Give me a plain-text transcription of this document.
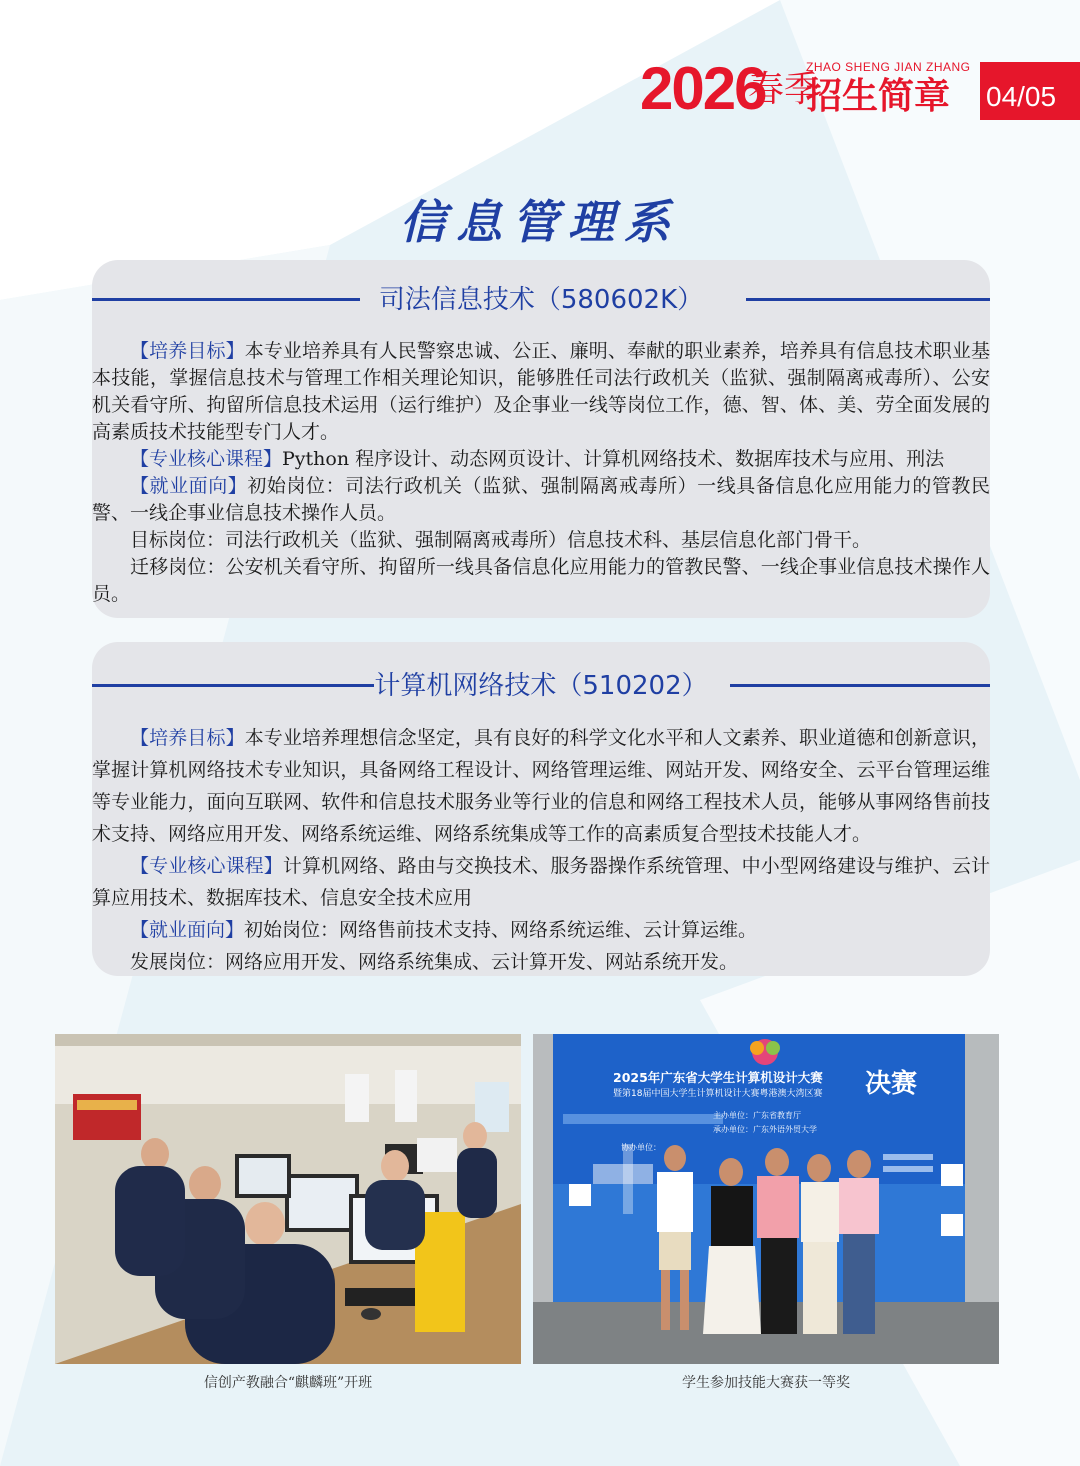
2026
春季
ZHAO SHENG JIAN ZHANG
招生简章 04/05
信息管理系
司法信息技术（580602K）

【培养目标】本专业培养具有人民警察忠诚、公正、廉明、奉献的职业素养，培养具有信息技术职业基本技能，掌握信息技术与管理工作相关理论知识，能够胜任司法行政机关（监狱、强制隔离戒毒所）、公安机关看守所、拘留所信息技术运用（运行维护）及企事业一线等岗位工作，德、智、体、美、劳全面发展的高素质技术技能型专门人才。

【专业核心课程】Python 程序设计、动态网页设计、计算机网络技术、数据库技术与应用、刑法

【就业面向】初始岗位：司法行政机关（监狱、强制隔离戒毒所）一线具备信息化应用能力的管教民警、一线企事业信息技术操作人员。

目标岗位：司法行政机关（监狱、强制隔离戒毒所）信息技术科、基层信息化部门骨干。

迁移岗位：公安机关看守所、拘留所一线具备信息化应用能力的管教民警、一线企事业信息技术操作人员。

计算机网络技术（510202）

【培养目标】本专业培养理想信念坚定，具有良好的科学文化水平和人文素养、职业道德和创新意识，掌握计算机网络技术专业知识，具备网络工程设计、网络管理运维、网站开发、网络安全、云平台管理运维等专业能力，面向互联网、软件和信息技术服务业等行业的信息和网络工程技术人员，能够从事网络售前技术支持、网络应用开发、网络系统运维、网络系统集成等工作的高素质复合型技术技能人才。

【专业核心课程】计算机网络、路由与交换技术、服务器操作系统管理、中小型网络建设与维护、云计算应用技术、数据库技术、信息安全技术应用

【就业面向】初始岗位：网络售前技术支持、网络系统运维、云计算运维。

发展岗位：网络应用开发、网络系统集成、云计算开发、网站系统开发。

2025年广东省大学生计算机设计大赛
暨第18届中国大学生计算机设计大赛粤港澳大湾区赛 决赛
主办单位：广东省教育厅
承办单位：广东外语外贸大学
协办单位：
信创产教融合“麒麟班”开班	学生参加技能大赛获一等奖
